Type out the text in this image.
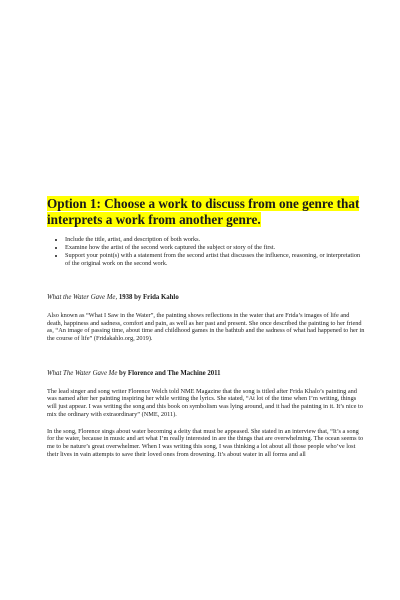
Option 1: Choose a work to discuss from one genre that interprets a work from another genre.
• Include the title, artist, and description of both works.
• Examine how the artist of the second work captured the subject or story of the first.
• Support your point(s) with a statement from the second artist that discusses the influence, reasoning, or interpretation of the original work on the second work.

What the Water Gave Me, 1938 by Frida Kahlo

Also known as “What I Saw in the Water”, the painting shows reflections in the water that are Frida’s images of life and death, happiness and sadness, comfort and pain, as well as her past and present. She once described the painting to her friend as, “An image of passing time, about time and childhood games in the bathtub and the sadness of what had happened to her in the course of life” (Fridakahlo.org, 2019).

What The Water Gave Me by Florence and The Machine 2011

The lead singer and song writer Florence Welch told NME Magazine that the song is titled after Frida Khalo’s painting and was named after her painting inspiring her while writing the lyrics. She stated, “At lot of the time when I’m writing, things will just appear. I was writing the song and this book on symbolism was lying around, and it had the painting in it. It’s nice to mix the ordinary with extraordinary” (NME, 2011).

In the song, Florence sings about water becoming a deity that must be appeased. She stated in an interview that, “It’s a song for the water, because in music and art what I’m really interested in are the things that are overwhelming. The ocean seems to me to be nature’s great overwhelmer. When I was writing this song, I was thinking a lot about all those people who’ve lost their lives in vain attempts to save their loved ones from drowning. It’s about water in all forms and all
